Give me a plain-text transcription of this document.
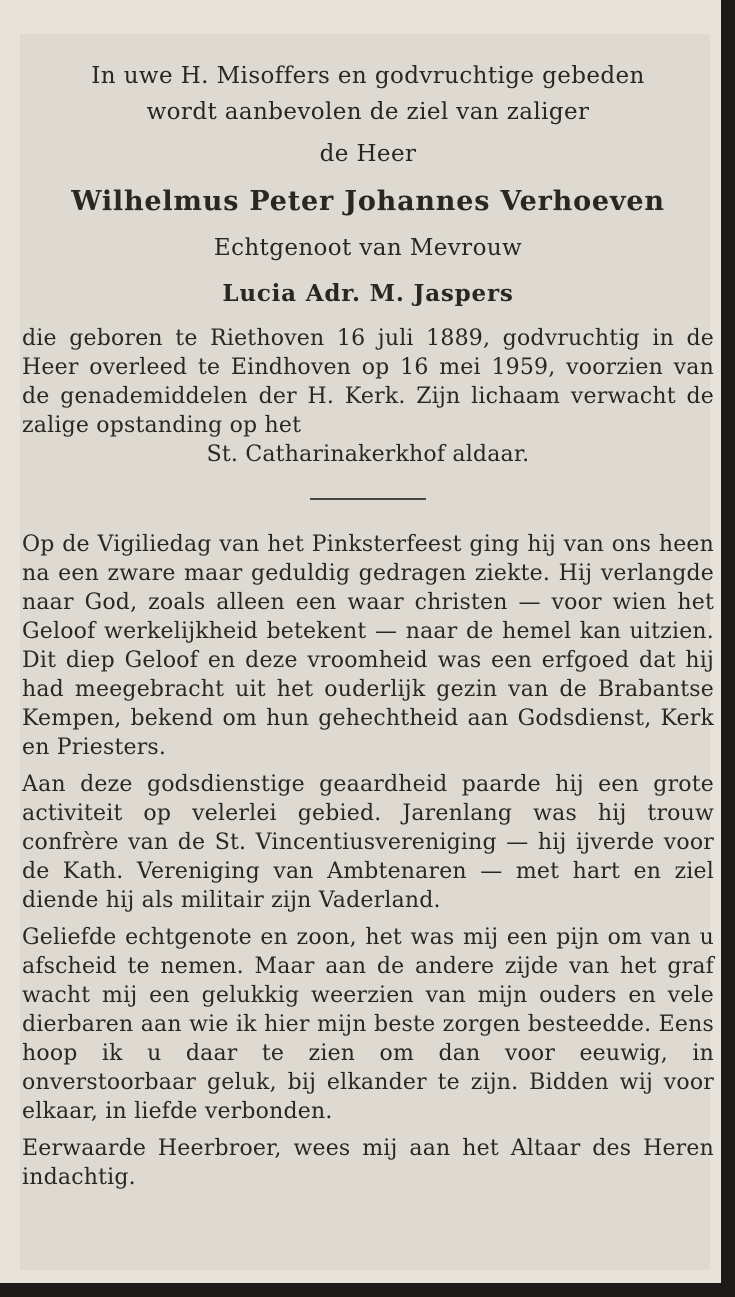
In uwe H. Misoffers en godvruchtige gebeden
wordt aanbevolen de ziel van zaliger
de Heer
Wilhelmus Peter Johannes Verhoeven
Echtgenoot van Mevrouw
Lucia Adr. M. Jaspers
die geboren te Riethoven 16 juli 1889, godvruchtig in de Heer overleed te Eindhoven op 16 mei 1959, voorzien van de genademiddelen der H. Kerk. Zijn lichaam verwacht de zalige opstanding op het
St. Catharinakerkhof aldaar.

Op de Vigiliedag van het Pinksterfeest ging hij van ons heen na een zware maar geduldig gedragen ziekte. Hij verlangde naar God, zoals alleen een waar christen — voor wien het Geloof werkelijkheid betekent — naar de hemel kan uitzien. Dit diep Geloof en deze vroomheid was een erfgoed dat hij had meegebracht uit het ouderlijk gezin van de Brabantse Kempen, bekend om hun gehechtheid aan Godsdienst, Kerk en Priesters.

Aan deze godsdienstige geaardheid paarde hij een grote activiteit op velerlei gebied. Jarenlang was hij trouw confrère van de St. Vincentiusvereniging — hij ijverde voor de Kath. Vereniging van Ambtenaren — met hart en ziel diende hij als militair zijn Vaderland.

Geliefde echtgenote en zoon, het was mij een pijn om van u afscheid te nemen. Maar aan de andere zijde van het graf wacht mij een gelukkig weerzien van mijn ouders en vele dierbaren aan wie ik hier mijn beste zorgen besteedde. Eens hoop ik u daar te zien om dan voor eeuwig, in onverstoorbaar geluk, bij elkander te zijn. Bidden wij voor elkaar, in liefde verbonden.

Eerwaarde Heerbroer, wees mij aan het Altaar des Heren indachtig.
